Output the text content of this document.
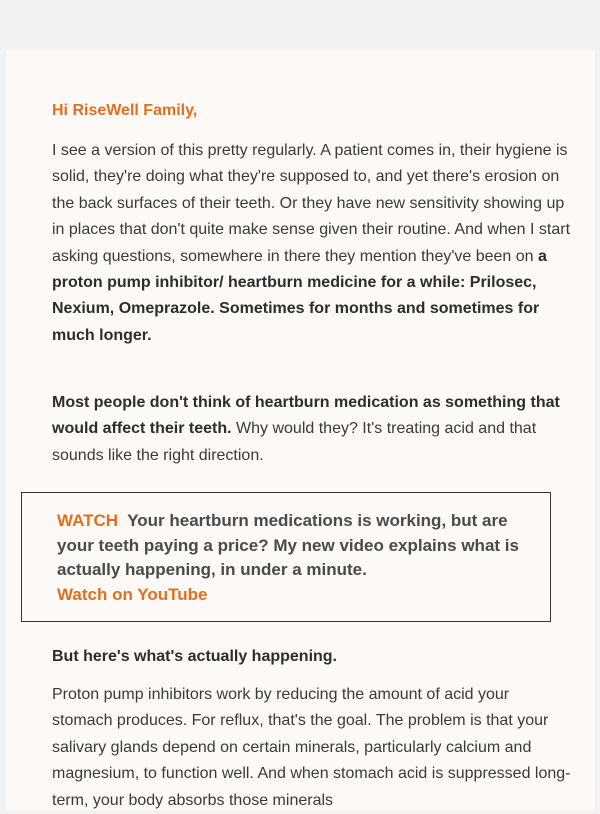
Hi RiseWell Family,

I see a version of this pretty regularly. A patient comes in, their hygiene is solid, they're doing what they're supposed to, and yet there's erosion on the back surfaces of their teeth. Or they have new sensitivity showing up in places that don't quite make sense given their routine. And when I start asking questions, somewhere in there they mention they've been on a proton pump inhibitor/ heartburn medicine for a while: Prilosec, Nexium, Omeprazole. Sometimes for months and sometimes for much longer.

Most people don't think of heartburn medication as something that would affect their teeth. Why would they? It's treating acid and that sounds like the right direction.

WATCH Your heartburn medications is working, but are your teeth paying a price? My new video explains what is actually happening, in under a minute.
Watch on YouTube

But here's what's actually happening.

Proton pump inhibitors work by reducing the amount of acid your stomach produces. For reflux, that's the goal. The problem is that your salivary glands depend on certain minerals, particularly calcium and magnesium, to function well. And when stomach acid is suppressed long-term, your body absorbs those minerals
